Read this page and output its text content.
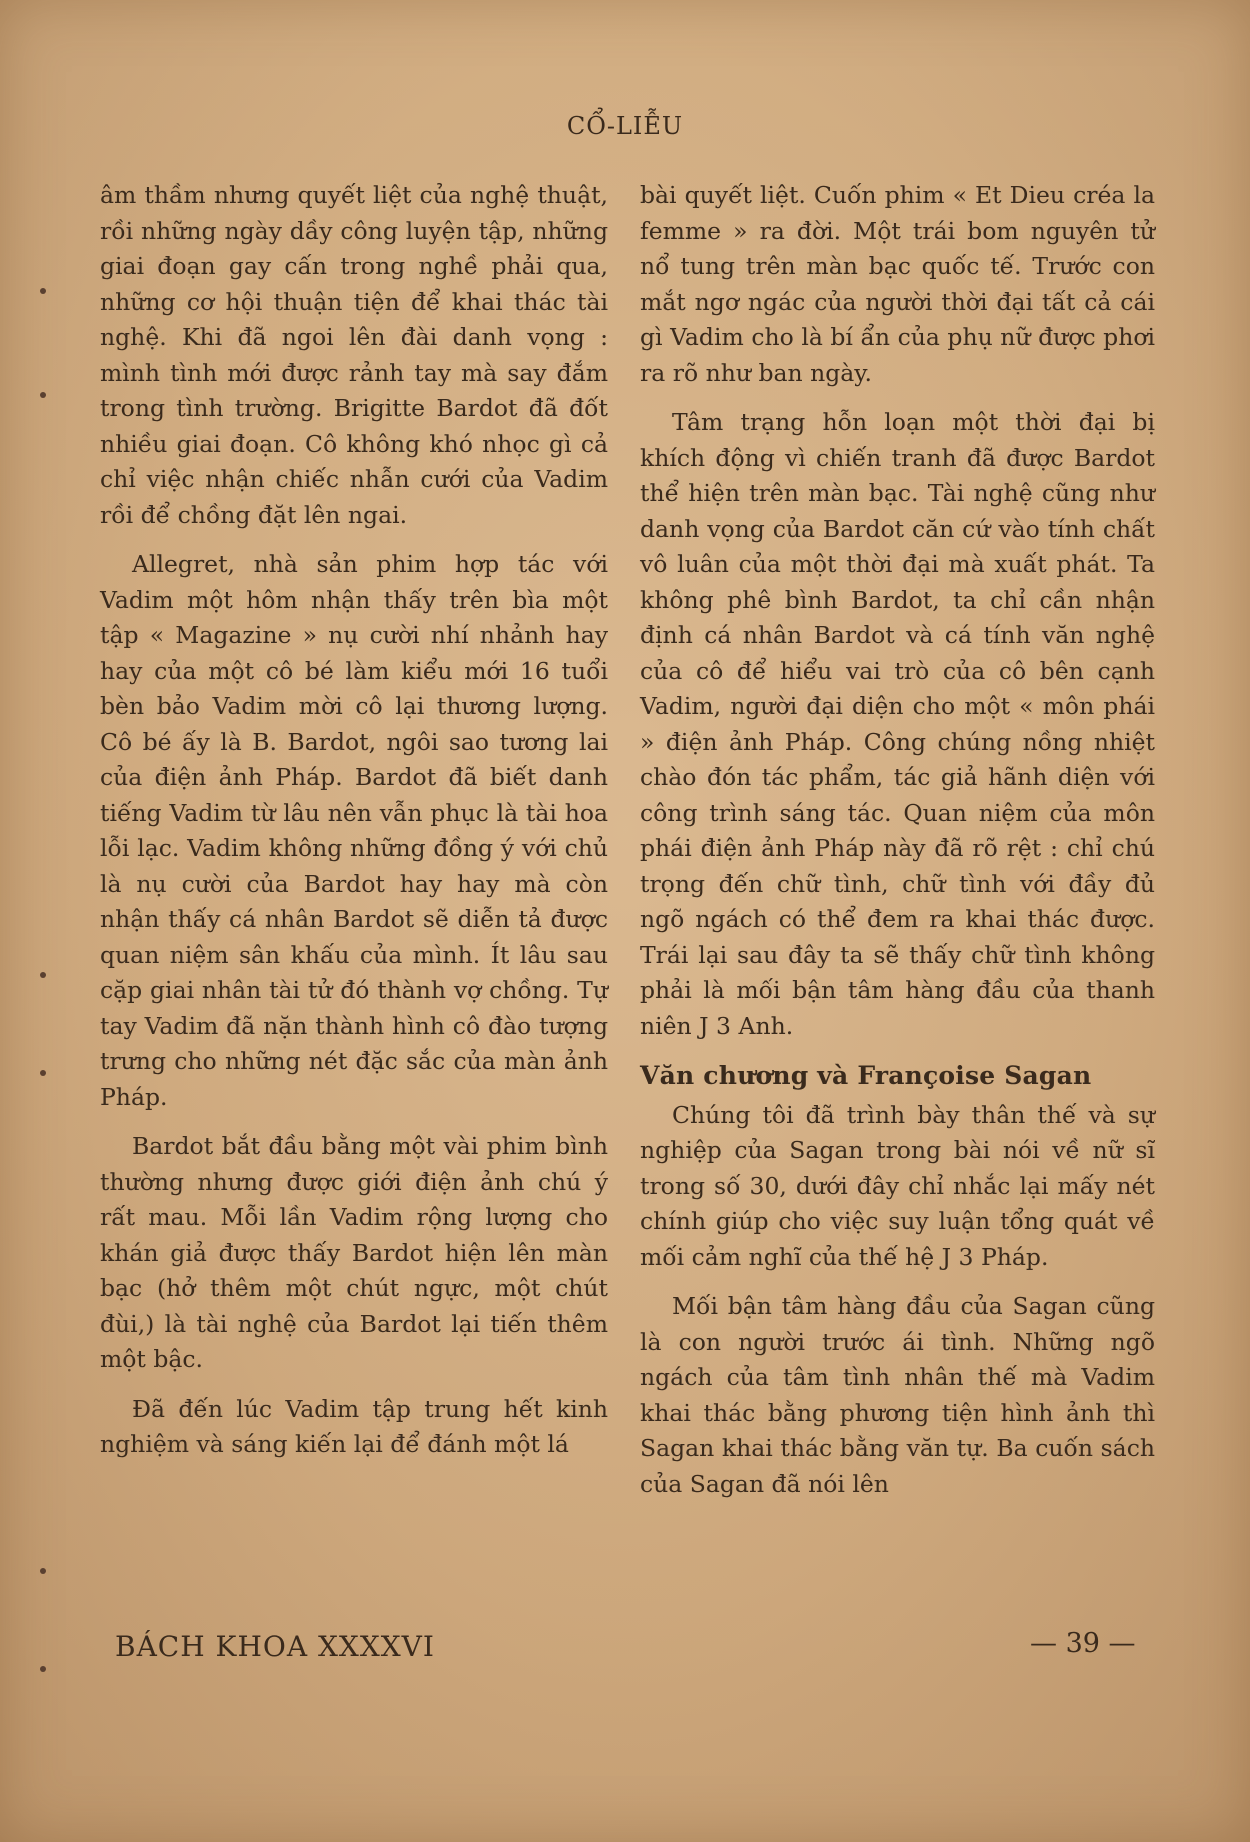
CỔ-LIỄU

âm thầm nhưng quyết liệt của nghệ thuật, rồi những ngày dầy công luyện tập, những giai đoạn gay cấn trong nghề phải qua, những cơ hội thuận tiện để khai thác tài nghệ. Khi đã ngoi lên đài danh vọng : mình tình mới được rảnh tay mà say đắm trong tình trường. Brigitte Bardot đã đốt nhiều giai đoạn. Cô không khó nhọc gì cả chỉ việc nhận chiếc nhẫn cưới của Vadim rồi để chồng đặt lên ngai.

Allegret, nhà sản phim hợp tác với Vadim một hôm nhận thấy trên bìa một tập « Magazine » nụ cười nhí nhảnh hay hay của một cô bé làm kiểu mới 16 tuổi bèn bảo Vadim mời cô lại thương lượng. Cô bé ấy là B. Bardot, ngôi sao tương lai của điện ảnh Pháp. Bardot đã biết danh tiếng Vadim từ lâu nên vẫn phục là tài hoa lỗi lạc. Vadim không những đồng ý với chủ là nụ cười của Bardot hay hay mà còn nhận thấy cá nhân Bardot sẽ diễn tả được quan niệm sân khấu của mình. Ít lâu sau cặp giai nhân tài tử đó thành vợ chồng. Tự tay Vadim đã nặn thành hình cô đào tượng trưng cho những nét đặc sắc của màn ảnh Pháp.

Bardot bắt đầu bằng một vài phim bình thường nhưng được giới điện ảnh chú ý rất mau. Mỗi lần Vadim rộng lượng cho khán giả được thấy Bardot hiện lên màn bạc (hở thêm một chút ngực, một chút đùi,) là tài nghệ của Bardot lại tiến thêm một bậc.

Đã đến lúc Vadim tập trung hết kinh nghiệm và sáng kiến lại để đánh một lá

bài quyết liệt. Cuốn phim « Et Dieu créa la femme » ra đời. Một trái bom nguyên tử nổ tung trên màn bạc quốc tế. Trước con mắt ngơ ngác của người thời đại tất cả cái gì Vadim cho là bí ẩn của phụ nữ được phơi ra rõ như ban ngày.

Tâm trạng hỗn loạn một thời đại bị khích động vì chiến tranh đã được Bardot thể hiện trên màn bạc. Tài nghệ cũng như danh vọng của Bardot căn cứ vào tính chất vô luân của một thời đại mà xuất phát. Ta không phê bình Bardot, ta chỉ cần nhận định cá nhân Bardot và cá tính văn nghệ của cô để hiểu vai trò của cô bên cạnh Vadim, người đại diện cho một « môn phái » điện ảnh Pháp. Công chúng nồng nhiệt chào đón tác phẩm, tác giả hãnh diện với công trình sáng tác. Quan niệm của môn phái điện ảnh Pháp này đã rõ rệt : chỉ chú trọng đến chữ tình, chữ tình với đầy đủ ngõ ngách có thể đem ra khai thác được. Trái lại sau đây ta sẽ thấy chữ tình không phải là mối bận tâm hàng đầu của thanh niên J 3 Anh.

Văn chương và Françoise Sagan

Chúng tôi đã trình bày thân thế và sự nghiệp của Sagan trong bài nói về nữ sĩ trong số 30, dưới đây chỉ nhắc lại mấy nét chính giúp cho việc suy luận tổng quát về mối cảm nghĩ của thế hệ J 3 Pháp.

Mối bận tâm hàng đầu của Sagan cũng là con người trước ái tình. Những ngõ ngách của tâm tình nhân thế mà Vadim khai thác bằng phương tiện hình ảnh thì Sagan khai thác bằng văn tự. Ba cuốn sách của Sagan đã nói lên

BÁCH KHOA XXXXVI	— 39 —
